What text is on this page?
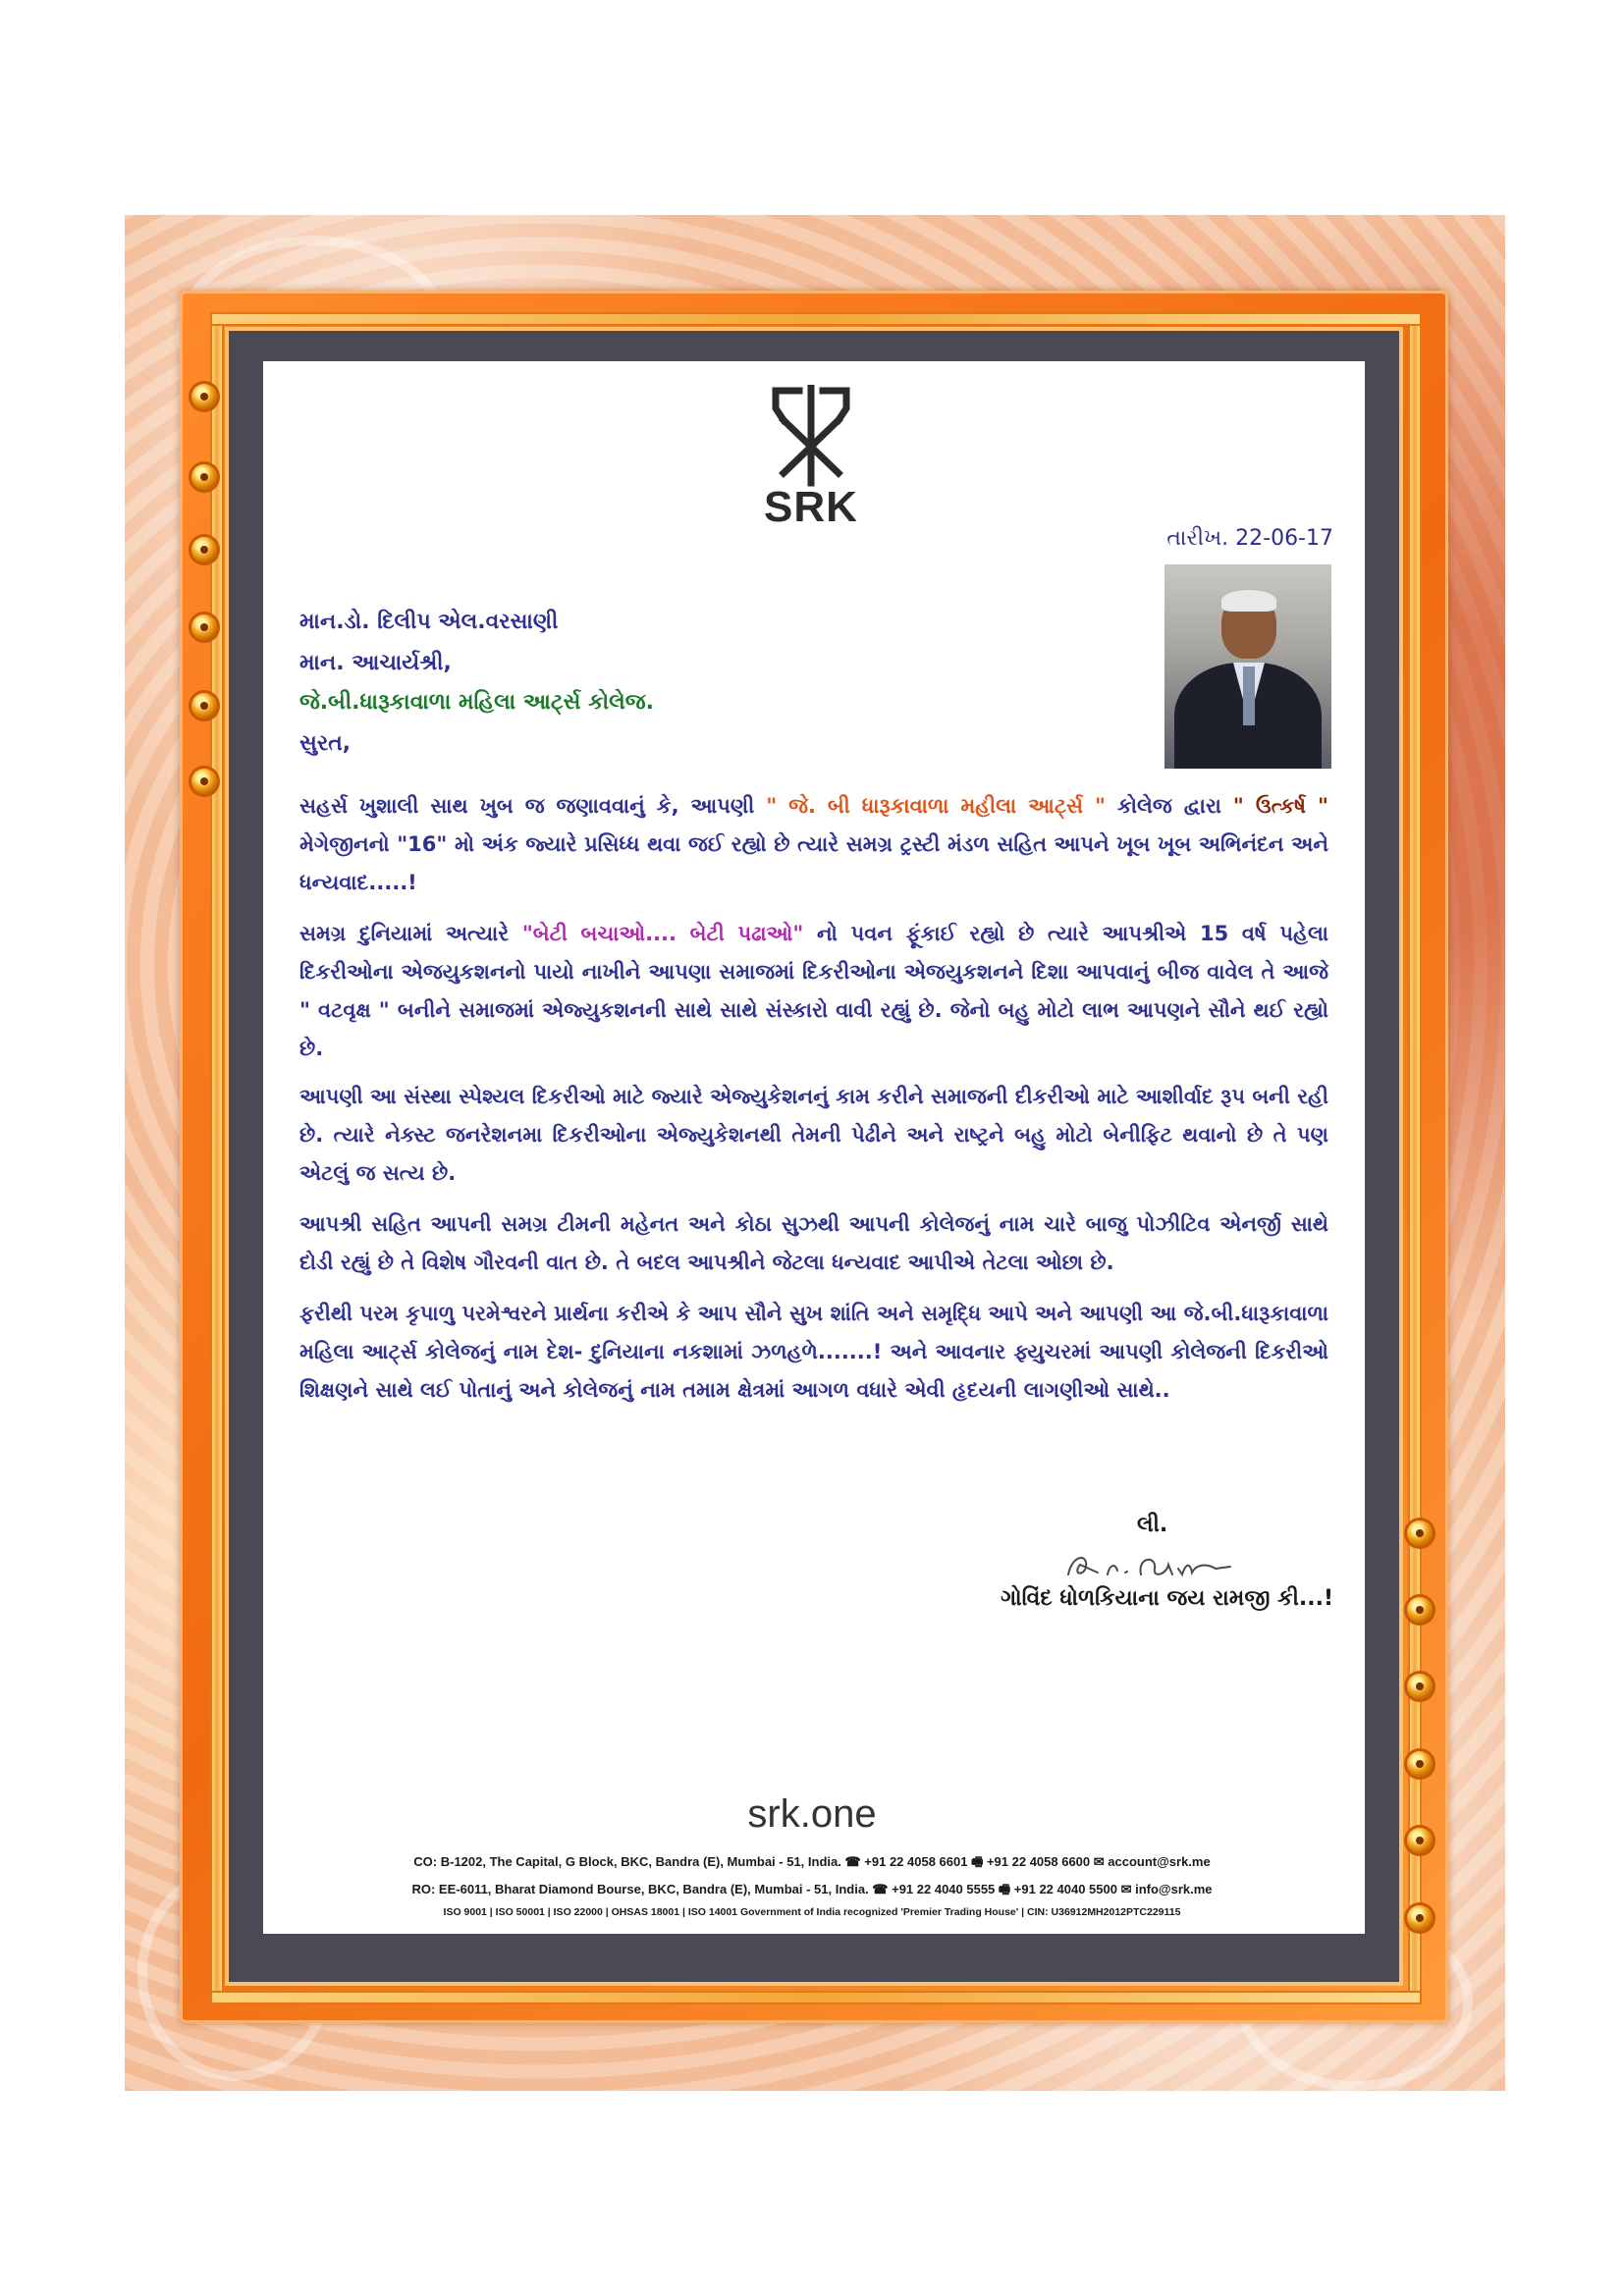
SRK
તારીખ. 22-06-17
માન.ડો. દિલીપ એલ.વરસાણી
માન. આચાર્યશ્રી,
જે.બી.ધારૂકાવાળા મહિલા આર્ટ્સ કોલેજ.
સુરત,
સહર્સ ખુશાલી સાથ ખુબ જ જણાવવાનું કે, આપણી " જે. બી ધારૂકાવાળા મહીલા આર્ટ્સ " કોલેજ દ્વારા " ઉત્કર્ષ " મેગેજીનનો "16" મો અંક જ્યારે પ્રસિધ્ધ થવા જઈ રહ્યો છે ત્યારે સમગ્ર ટ્રસ્ટી મંડળ સહિત આપને ખૂબ ખૂબ અભિનંદન અને ધન્યવાદ.....!
સમગ્ર દુનિયામાં અત્યારે "બેટી બચાઓ.... બેટી પઢાઓ" નો પવન ફૂંકાઈ રહ્યો છે ત્યારે આપશ્રીએ 15 વર્ષ પહેલા દિકરીઓના એજયુકશનનો પાયો નાખીને આપણા સમાજમાં દિકરીઓના એજયુકશનને દિશા આપવાનું બીજ વાવેલ તે આજે " વટવૃક્ષ " બનીને સમાજમાં એજ્યુકશનની સાથે સાથે સંસ્કારો વાવી રહ્યું છે. જેનો બહુ મોટો લાભ આપણને સૌને થઈ રહ્યો છે.
આપણી આ સંસ્થા સ્પેશ્યલ દિકરીઓ માટે જ્યારે એજ્યુકેશનનું કામ કરીને સમાજની દીકરીઓ માટે આશીર્વાદ રૂપ બની રહી છે. ત્યારે નેક્સ્ટ જનરેશનમા દિકરીઓના એજ્યુકેશનથી તેમની પેઢીને અને રાષ્ટ્રને બહુ મોટો બેનીફિટ થવાનો છે તે પણ એટલું જ સત્ય છે.
આપશ્રી સહિત આપની સમગ્ર ટીમની મહેનત અને કોઠા સુઝથી આપની કોલેજનું નામ ચારે બાજુ પોઝીટિવ એનર્જી સાથે દોડી રહ્યું છે તે વિશેષ ગૌરવની વાત છે. તે બદલ આપશ્રીને જેટલા ધન્યવાદ આપીએ તેટલા ઓછા છે.
ફરીથી પરમ કૃપાળુ પરમેશ્વરને પ્રાર્થના કરીએ કે આપ સૌને સુખ શાંતિ અને સમૃદ્ધિ આપે અને આપણી આ જે.બી.ધારૂકાવાળા મહિલા આર્ટ્સ કોલેજનું નામ દેશ- દુનિયાના નકશામાં ઝળહળે.......! અને આવનાર ફ્યુચરમાં આપણી કોલેજની દિકરીઓ શિક્ષણને સાથે લઈ પોતાનું અને કોલેજનું નામ તમામ ક્ષેત્રમાં આગળ વધારે એવી હૃદયની લાગણીઓ સાથે..
લી.
ગોવિંદ ધોળકિયાના જય રામજી કી...!
srk.one
CO: B-1202, The Capital, G Block, BKC, Bandra (E), Mumbai - 51, India. ☎ +91 22 4058 6601 🖷 +91 22 4058 6600 ✉ account@srk.me
RO: EE-6011, Bharat Diamond Bourse, BKC, Bandra (E), Mumbai - 51, India. ☎ +91 22 4040 5555 🖷 +91 22 4040 5500 ✉ info@srk.me
ISO 9001 | ISO 50001 | ISO 22000 | OHSAS 18001 | ISO 14001 Government of India recognized 'Premier Trading House' | CIN: U36912MH2012PTC229115
